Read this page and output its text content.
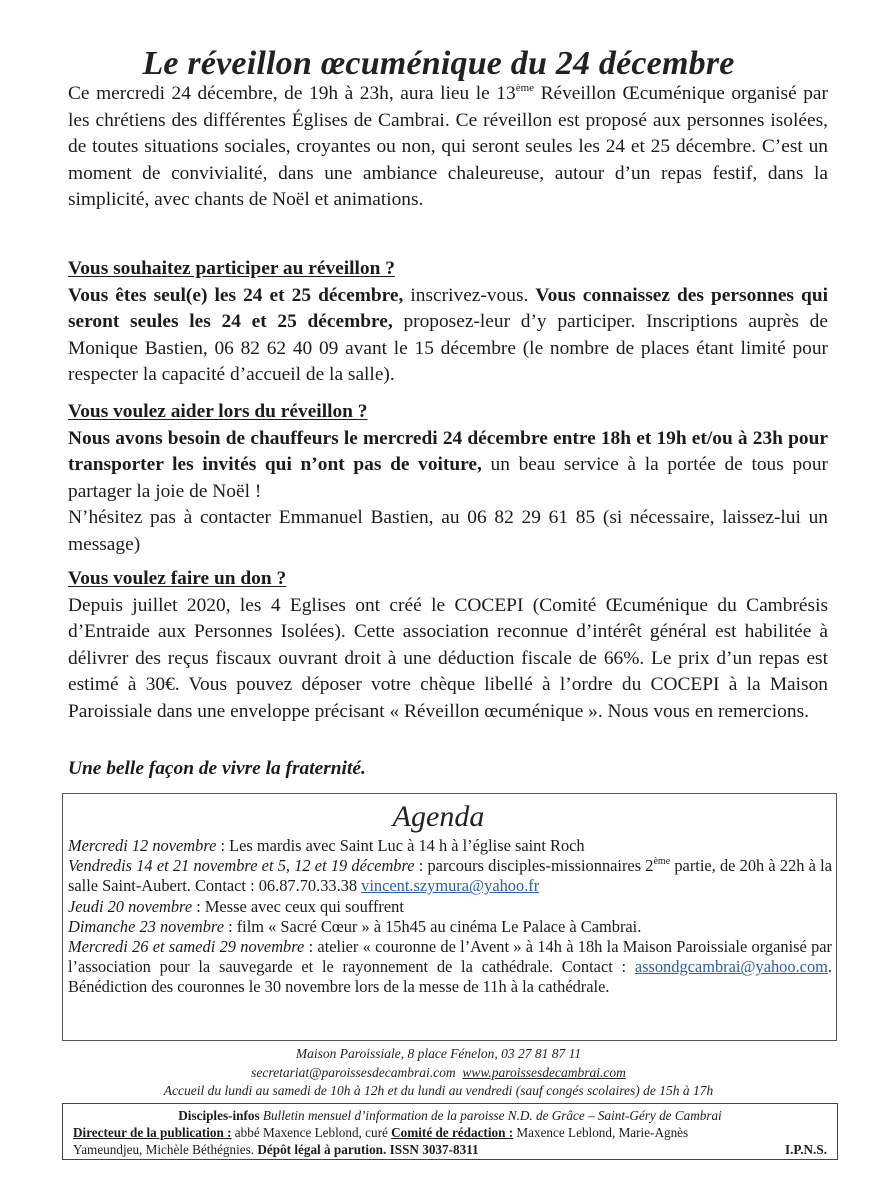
Le réveillon œcuménique du 24 décembre
Ce mercredi 24 décembre, de 19h à 23h, aura lieu le 13ème Réveillon Œcuménique organisé par les chrétiens des différentes Églises de Cambrai. Ce réveillon est proposé aux personnes isolées, de toutes situations sociales, croyantes ou non, qui seront seules les 24 et 25 décembre. C’est un moment de convivialité, dans une ambiance chaleureuse, autour d’un repas festif, dans la simplicité, avec chants de Noël et animations.
Vous souhaitez participer au réveillon ?
Vous êtes seul(e) les 24 et 25 décembre, inscrivez-vous. Vous connaissez des personnes qui seront seules les 24 et 25 décembre, proposez-leur d’y participer. Inscriptions auprès de Monique Bastien, 06 82 62 40 09 avant le 15 décembre (le nombre de places étant limité pour respecter la capacité d’accueil de la salle).
Vous voulez aider lors du réveillon ?
Nous avons besoin de chauffeurs le mercredi 24 décembre entre 18h et 19h et/ou à 23h pour transporter les invités qui n’ont pas de voiture, un beau service à la portée de tous pour partager la joie de Noël !
N’hésitez pas à contacter Emmanuel Bastien, au 06 82 29 61 85 (si nécessaire, laissez-lui un message)
Vous voulez faire un don ?
Depuis juillet 2020, les 4 Eglises ont créé le COCEPI (Comité Œcuménique du Cambrésis d’Entraide aux Personnes Isolées). Cette association reconnue d’intérêt général est habilitée à délivrer des reçus fiscaux ouvrant droit à une déduction fiscale de 66%. Le prix d’un repas est estimé à 30€. Vous pouvez déposer votre chèque libellé à l’ordre du COCEPI à la Maison Paroissiale dans une enveloppe précisant « Réveillon œcuménique ». Nous vous en remercions.
Une belle façon de vivre la fraternité.
Agenda
Mercredi 12 novembre : Les mardis avec Saint Luc à 14 h à l’église saint Roch
Vendredis 14 et 21 novembre et 5, 12 et 19 décembre : parcours disciples-missionnaires 2ème partie, de 20h à 22h à la salle Saint-Aubert. Contact : 06.87.70.33.38 vincent.szymura@yahoo.fr
Jeudi 20 novembre : Messe avec ceux qui souffrent
Dimanche 23 novembre : film « Sacré Cœur » à 15h45 au cinéma Le Palace à Cambrai.
Mercredi 26 et samedi 29 novembre : atelier « couronne de l’Avent » à 14h à 18h la Maison Paroissiale organisé par l’association pour la sauvegarde et le rayonnement de la cathédrale. Contact : assondgcambrai@yahoo.com. Bénédiction des couronnes le 30 novembre lors de la messe de 11h à la cathédrale.
Maison Paroissiale, 8 place Fénelon, 03 27 81 87 11
secretariat@paroissesdecambrai.com www.paroissesdecambrai.com
Accueil du lundi au samedi de 10h à 12h et du lundi au vendredi (sauf congés scolaires) de 15h à 17h
Disciples-infos Bulletin mensuel d’information de la paroisse N.D. de Grâce – Saint-Géry de Cambrai
Directeur de la publication : abbé Maxence Leblond, curé Comité de rédaction : Maxence Leblond, Marie-Agnès
Yameundjeu, Michèle Béthégnies. Dépôt légal à parution. ISSN 3037-8311	I.P.N.S.
